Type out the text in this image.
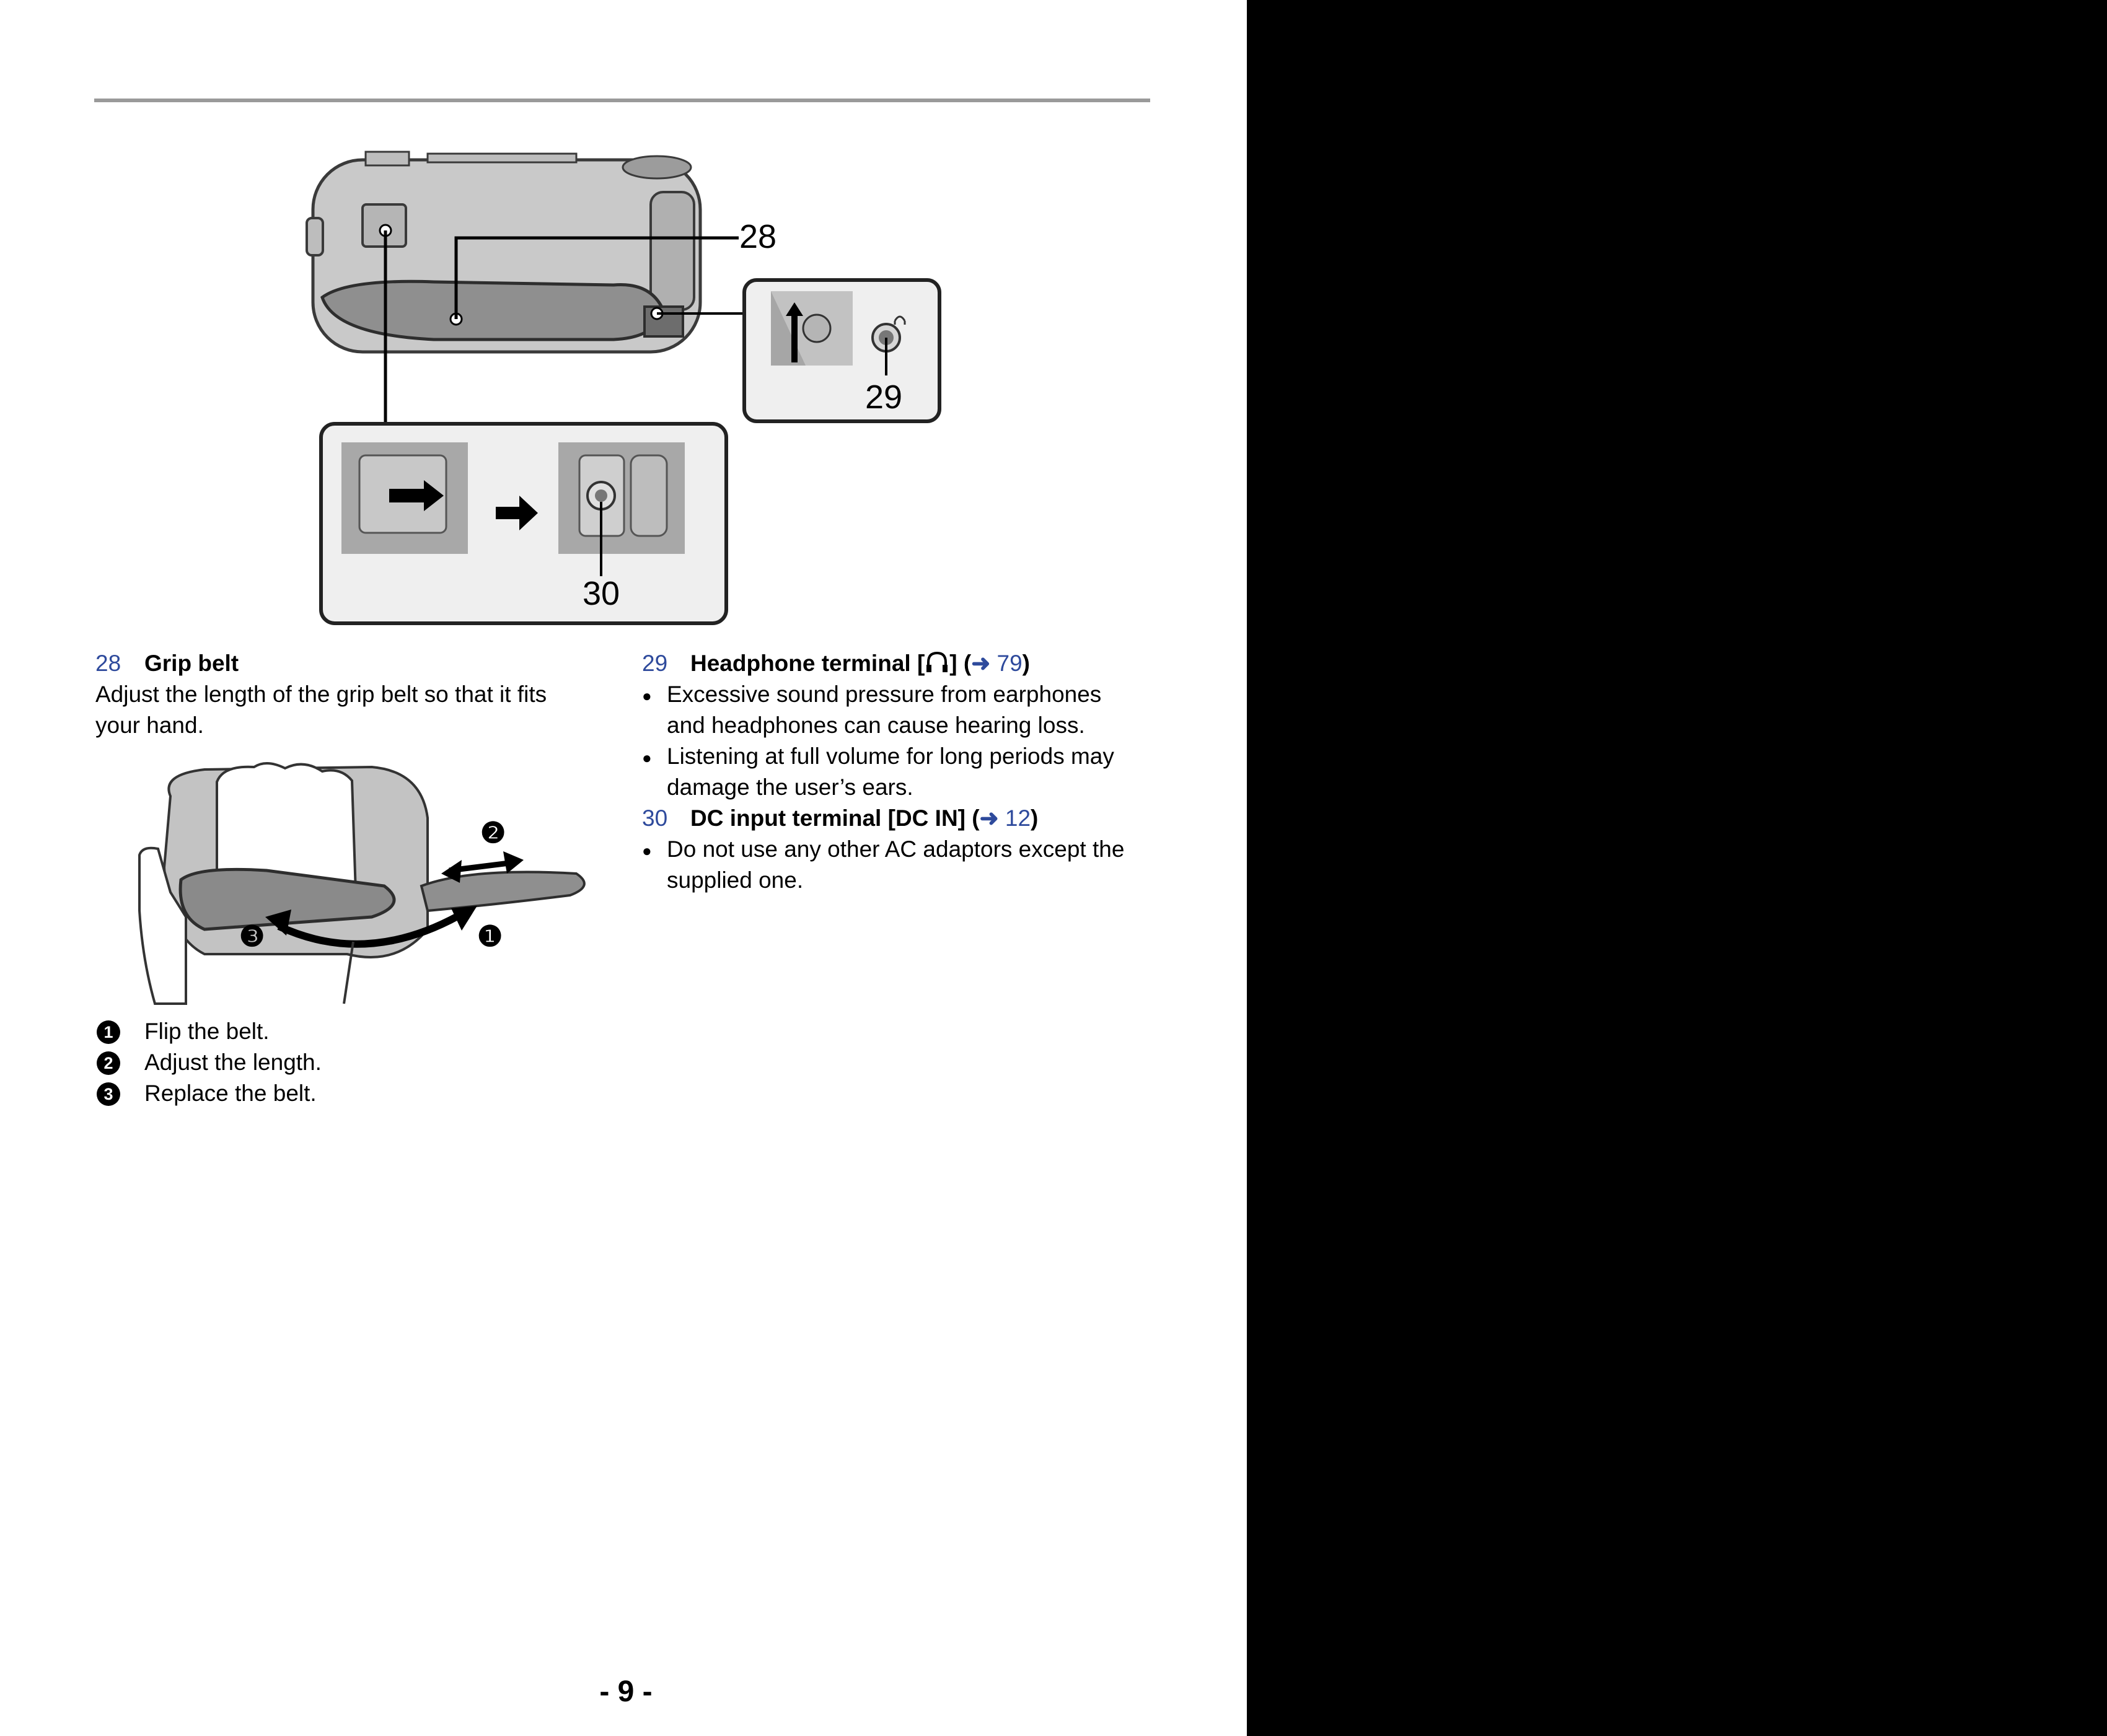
29
30
28
❷
❸	❶
28 Grip belt
Adjust the length of the grip belt so that it fits
your hand.
1	Flip the belt.
2	Adjust the length.
3	Replace the belt.
29 Headphone terminal [ ] (➜ 79)
● Excessive sound pressure from earphones
and headphones can cause hearing loss.
● Listening at full volume for long periods may
damage the user’s ears.
30 DC input terminal [DC IN] (➜ 12)
● Do not use any other AC adaptors except the
supplied one.
- 9 -
